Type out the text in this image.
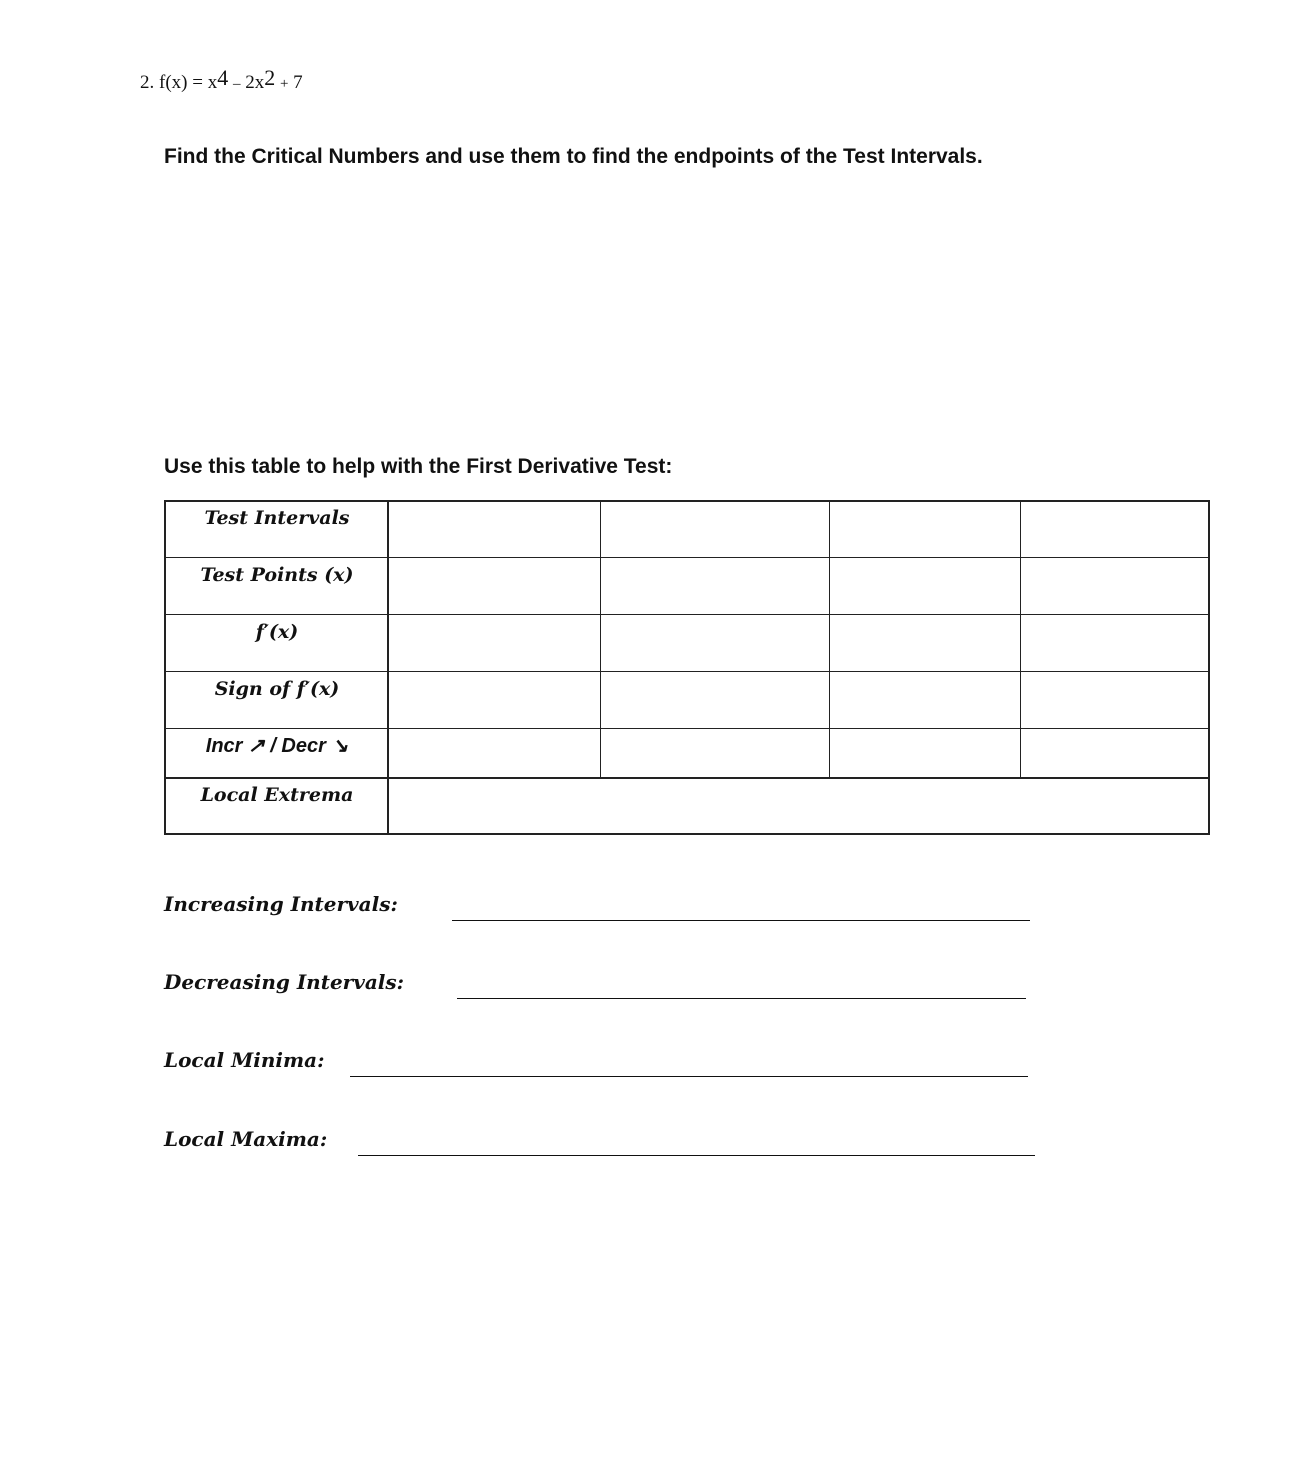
2. $f(x) = x^4 - 2x^2 + 7$
Find the Critical Numbers and use them to find the endpoints of the Test Intervals.
Use this table to help with the First Derivative Test:
Test Intervals
Test Points (x)
f′(x)
Sign of f′(x)
Incr ↗ / Decr ↘
Local Extrema
Increasing Intervals:
Decreasing Intervals:
Local Minima:
Local Maxima:
